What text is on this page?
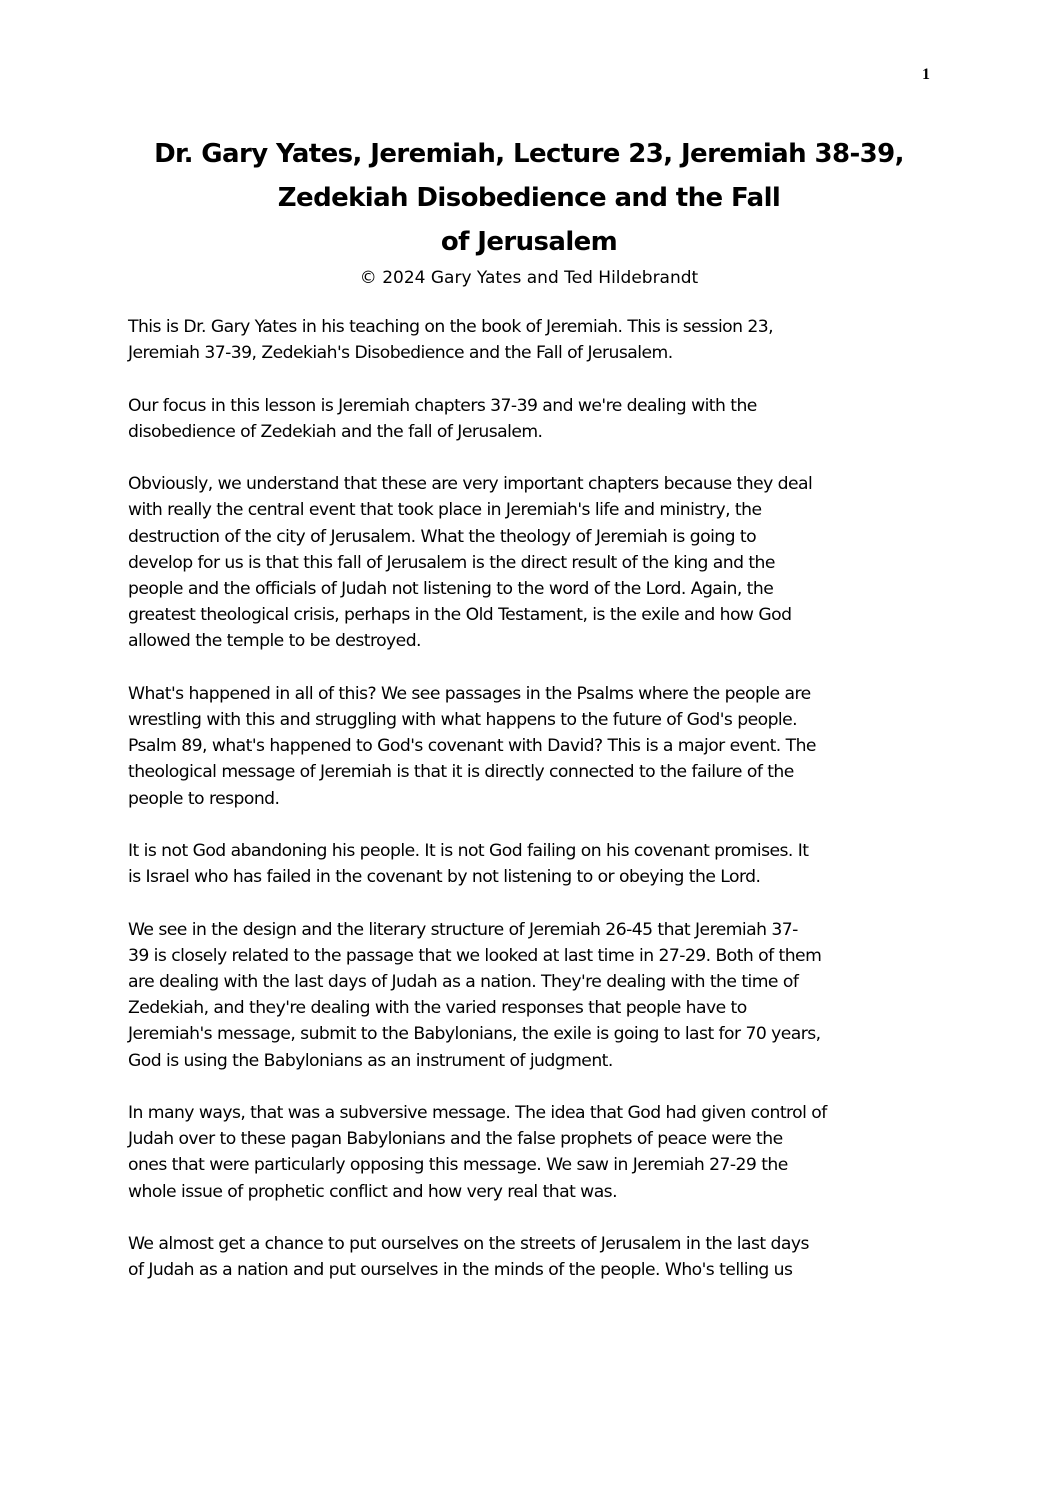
1
Dr. Gary Yates, Jeremiah, Lecture 23, Jeremiah 38-39,
Zedekiah Disobedience and the Fall
of Jerusalem
© 2024 Gary Yates and Ted Hildebrandt
This is Dr. Gary Yates in his teaching on the book of Jeremiah. This is session 23,
Jeremiah 37-39, Zedekiah's Disobedience and the Fall of Jerusalem.
Our focus in this lesson is Jeremiah chapters 37-39 and we're dealing with the
disobedience of Zedekiah and the fall of Jerusalem.
Obviously, we understand that these are very important chapters because they deal
with really the central event that took place in Jeremiah's life and ministry, the
destruction of the city of Jerusalem. What the theology of Jeremiah is going to
develop for us is that this fall of Jerusalem is the direct result of the king and the
people and the officials of Judah not listening to the word of the Lord. Again, the
greatest theological crisis, perhaps in the Old Testament, is the exile and how God
allowed the temple to be destroyed.
What's happened in all of this? We see passages in the Psalms where the people are
wrestling with this and struggling with what happens to the future of God's people.
Psalm 89, what's happened to God's covenant with David? This is a major event. The
theological message of Jeremiah is that it is directly connected to the failure of the
people to respond.
It is not God abandoning his people. It is not God failing on his covenant promises. It
is Israel who has failed in the covenant by not listening to or obeying the Lord.
We see in the design and the literary structure of Jeremiah 26-45 that Jeremiah 37-
39 is closely related to the passage that we looked at last time in 27-29. Both of them
are dealing with the last days of Judah as a nation. They're dealing with the time of
Zedekiah, and they're dealing with the varied responses that people have to
Jeremiah's message, submit to the Babylonians, the exile is going to last for 70 years,
God is using the Babylonians as an instrument of judgment.
In many ways, that was a subversive message. The idea that God had given control of
Judah over to these pagan Babylonians and the false prophets of peace were the
ones that were particularly opposing this message. We saw in Jeremiah 27-29 the
whole issue of prophetic conflict and how very real that was.
We almost get a chance to put ourselves on the streets of Jerusalem in the last days
of Judah as a nation and put ourselves in the minds of the people. Who's telling us
